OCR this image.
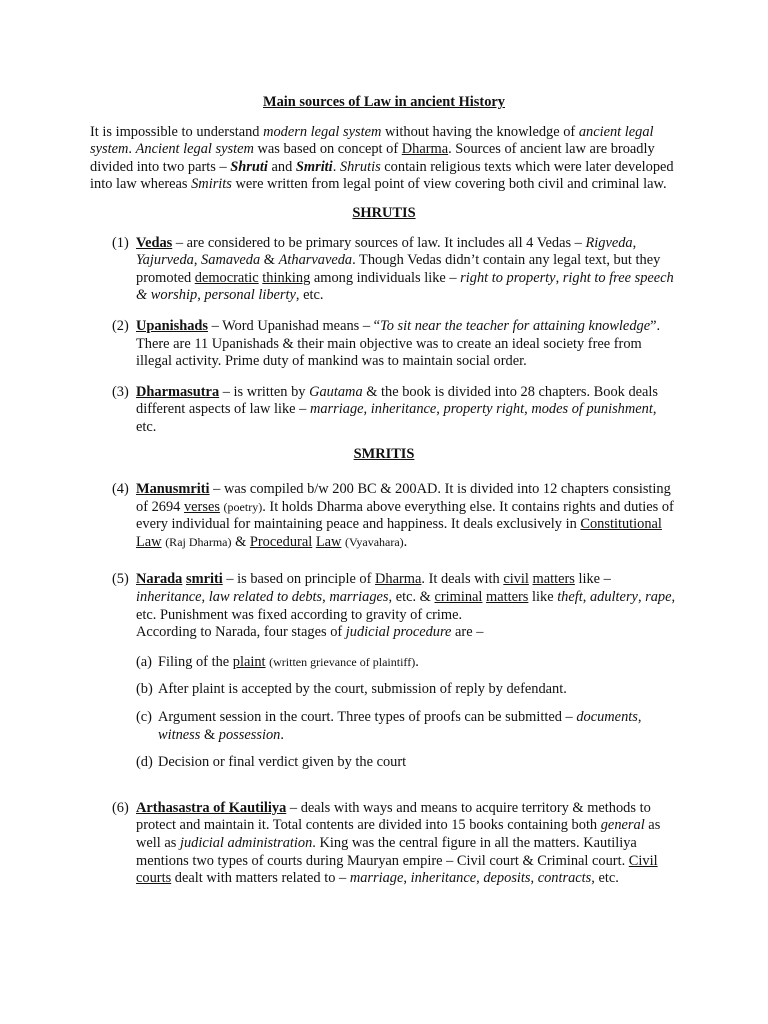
Main sources of Law in ancient History

It is impossible to understand modern legal system without having the knowledge of ancient legal system. Ancient legal system was based on concept of Dharma. Sources of ancient law are broadly divided into two parts – Shruti and Smriti. Shrutis contain religious texts which were later developed into law whereas Smirits were written from legal point of view covering both civil and criminal law.

SHRUTIS

(1) Vedas – are considered to be primary sources of law. It includes all 4 Vedas – Rigveda, Yajurveda, Samaveda & Atharvaveda. Though Vedas didn’t contain any legal text, but they promoted democratic thinking among individuals like – right to property, right to free speech & worship, personal liberty, etc.
(2) Upanishads – Word Upanishad means – “To sit near the teacher for attaining knowledge”. There are 11 Upanishads & their main objective was to create an ideal society free from illegal activity. Prime duty of mankind was to maintain social order.
(3) Dharmasutra – is written by Gautama & the book is divided into 28 chapters. Book deals different aspects of law like – marriage, inheritance, property right, modes of punishment, etc.

SMRITIS

(4) Manusmriti – was compiled b/w 200 BC & 200AD. It is divided into 12 chapters consisting of 2694 verses (poetry). It holds Dharma above everything else. It contains rights and duties of every individual for maintaining peace and happiness. It deals exclusively in Constitutional Law (Raj Dharma) & Procedural Law (Vyavahara).
(5) Narada smriti – is based on principle of Dharma. It deals with civil matters like – inheritance, law related to debts, marriages, etc. & criminal matters like theft, adultery, rape, etc. Punishment was fixed according to gravity of crime.
According to Narada, four stages of judicial procedure are –
(a) Filing of the plaint (written grievance of plaintiff).
(b) After plaint is accepted by the court, submission of reply by defendant.
(c) Argument session in the court. Three types of proofs can be submitted – documents, witness & possession.
(d) Decision or final verdict given by the court
(6) Arthasastra of Kautiliya – deals with ways and means to acquire territory & methods to protect and maintain it. Total contents are divided into 15 books containing both general as well as judicial administration. King was the central figure in all the matters. Kautiliya mentions two types of courts during Mauryan empire – Civil court & Criminal court. Civil courts dealt with matters related to – marriage, inheritance, deposits, contracts, etc.
